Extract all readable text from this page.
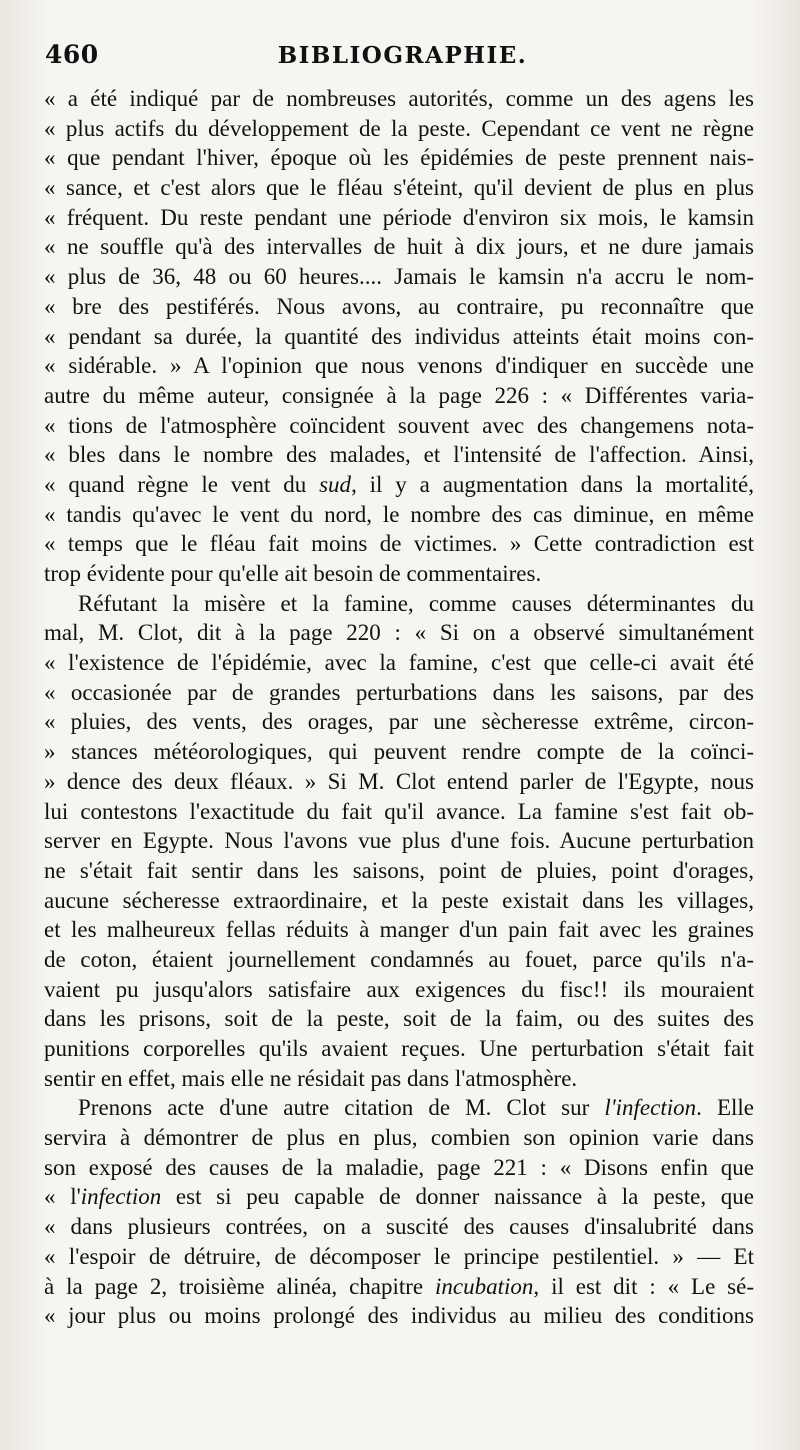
460	BIBLIOGRAPHIE.
« a été indiqué par de nombreuses autorités, comme un des agens les
« plus actifs du développement de la peste. Cependant ce vent ne règne
« que pendant l'hiver, époque où les épidémies de peste prennent nais-
« sance, et c'est alors que le fléau s'éteint, qu'il devient de plus en plus
« fréquent. Du reste pendant une période d'environ six mois, le kamsin
« ne souffle qu'à des intervalles de huit à dix jours, et ne dure jamais
« plus de 36, 48 ou 60 heures.... Jamais le kamsin n'a accru le nom-
« bre des pestiférés. Nous avons, au contraire, pu reconnaître que
« pendant sa durée, la quantité des individus atteints était moins con-
« sidérable. » A l'opinion que nous venons d'indiquer en succède une
autre du même auteur, consignée à la page 226 : « Différentes varia-
« tions de l'atmosphère coïncident souvent avec des changemens nota-
« bles dans le nombre des malades, et l'intensité de l'affection. Ainsi,
« quand règne le vent du sud, il y a augmentation dans la mortalité,
« tandis qu'avec le vent du nord, le nombre des cas diminue, en même
« temps que le fléau fait moins de victimes. » Cette contradiction est
trop évidente pour qu'elle ait besoin de commentaires.
Réfutant la misère et la famine, comme causes déterminantes du
mal, M. Clot, dit à la page 220 : « Si on a observé simultanément
« l'existence de l'épidémie, avec la famine, c'est que celle-ci avait été
« occasionée par de grandes perturbations dans les saisons, par des
« pluies, des vents, des orages, par une sècheresse extrême, circon-
» stances météorologiques, qui peuvent rendre compte de la coïnci-
» dence des deux fléaux. » Si M. Clot entend parler de l'Egypte, nous
lui contestons l'exactitude du fait qu'il avance. La famine s'est fait ob-
server en Egypte. Nous l'avons vue plus d'une fois. Aucune perturbation
ne s'était fait sentir dans les saisons, point de pluies, point d'orages,
aucune sécheresse extraordinaire, et la peste existait dans les villages,
et les malheureux fellas réduits à manger d'un pain fait avec les graines
de coton, étaient journellement condamnés au fouet, parce qu'ils n'a-
vaient pu jusqu'alors satisfaire aux exigences du fisc!! ils mouraient
dans les prisons, soit de la peste, soit de la faim, ou des suites des
punitions corporelles qu'ils avaient reçues. Une perturbation s'était fait
sentir en effet, mais elle ne résidait pas dans l'atmosphère.
Prenons acte d'une autre citation de M. Clot sur l'infection. Elle
servira à démontrer de plus en plus, combien son opinion varie dans
son exposé des causes de la maladie, page 221 : « Disons enfin que
« l'infection est si peu capable de donner naissance à la peste, que
« dans plusieurs contrées, on a suscité des causes d'insalubrité dans
« l'espoir de détruire, de décomposer le principe pestilentiel. » — Et
à la page 2, troisième alinéa, chapitre incubation, il est dit : « Le sé-
« jour plus ou moins prolongé des individus au milieu des conditions
